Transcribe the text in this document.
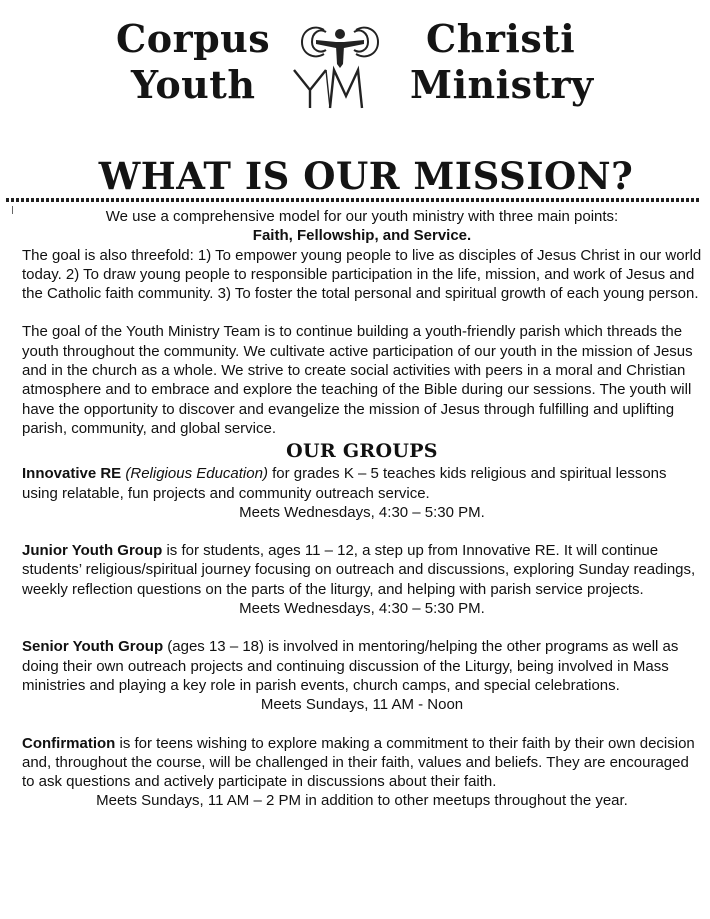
Corpus
Youth
Christi
Ministry
WHAT IS OUR MISSION?

We use a comprehensive model for our youth ministry with three main points:

Faith, Fellowship, and Service.

The goal is also threefold: 1) To empower young people to live as disciples of Jesus Christ in our world today. 2) To draw young people to responsible participation in the life, mission, and work of Jesus and the Catholic faith community. 3) To foster the total personal and spiritual growth of each young person.

The goal of the Youth Ministry Team is to continue building a youth-friendly parish which threads the youth throughout the community. We cultivate active participation of our youth in the mission of Jesus and in the church as a whole. We strive to create social activities with peers in a moral and Christian atmosphere and to embrace and explore the teaching of the Bible during our sessions. The youth will have the opportunity to discover and evangelize the mission of Jesus through fulfilling and uplifting parish, community, and global service.

OUR GROUPS

Innovative RE (Religious Education) for grades K – 5 teaches kids religious and spiritual lessons using relatable, fun projects and community outreach service.

Meets Wednesdays, 4:30 – 5:30 PM.

Junior Youth Group is for students, ages 11 – 12, a step up from Innovative RE. It will continue students’ religious/spiritual journey focusing on outreach and discussions, exploring Sunday readings, weekly reflection questions on the parts of the liturgy, and helping with parish service projects.

Meets Wednesdays, 4:30 – 5:30 PM.

Senior Youth Group (ages 13 – 18) is involved in mentoring/helping the other programs as well as doing their own outreach projects and continuing discussion of the Liturgy, being involved in Mass ministries and playing a key role in parish events, church camps, and special celebrations.

Meets Sundays, 11 AM - Noon

Confirmation is for teens wishing to explore making a commitment to their faith by their own decision and, throughout the course, will be challenged in their faith, values and beliefs. They are encouraged to ask questions and actively participate in discussions about their faith.

Meets Sundays, 11 AM – 2 PM in addition to other meetups throughout the year.
